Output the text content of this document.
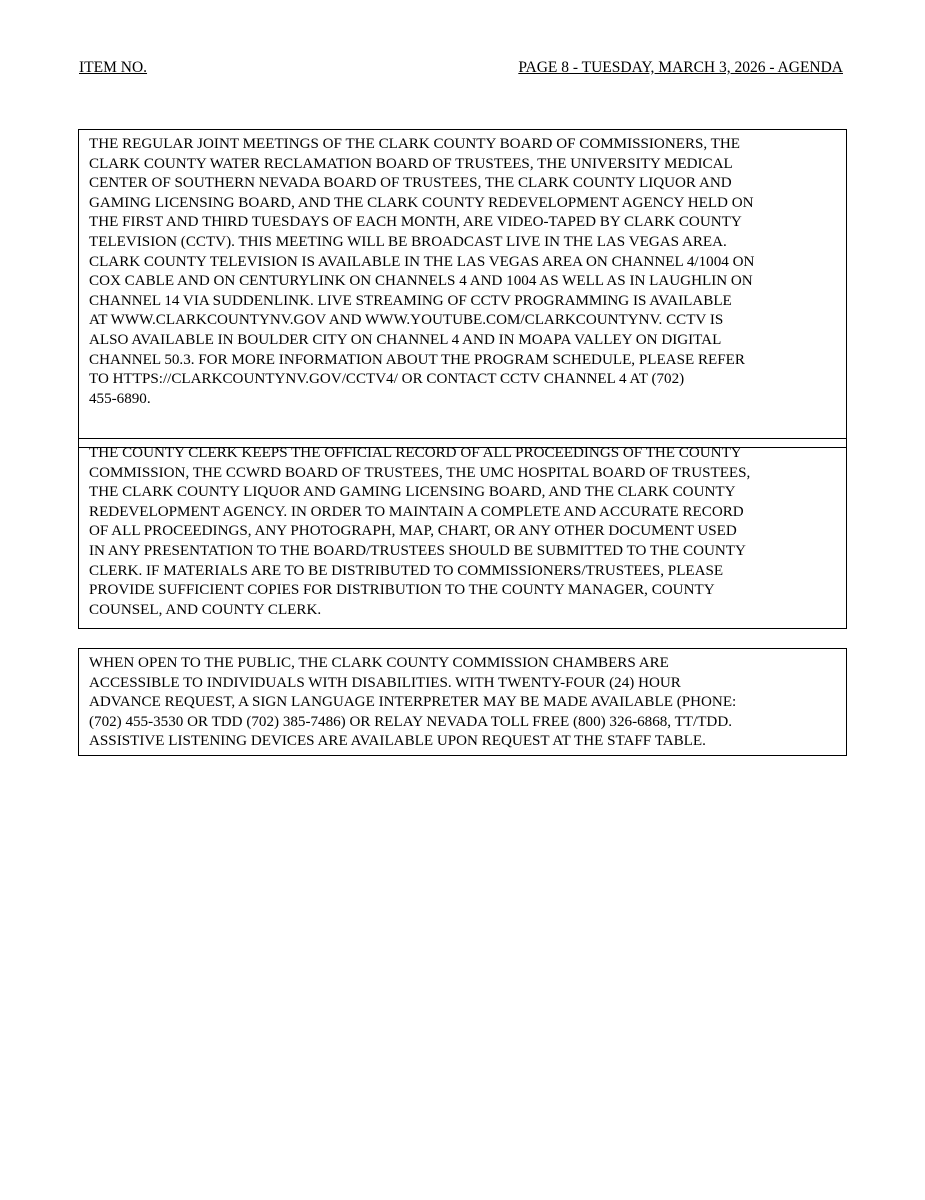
ITEM NO.	PAGE 8 - TUESDAY, MARCH 3, 2026 - AGENDA

THE REGULAR JOINT MEETINGS OF THE CLARK COUNTY BOARD OF COMMISSIONERS, THE
CLARK COUNTY WATER RECLAMATION BOARD OF TRUSTEES, THE UNIVERSITY MEDICAL
CENTER OF SOUTHERN NEVADA BOARD OF TRUSTEES, THE CLARK COUNTY LIQUOR AND
GAMING LICENSING BOARD, AND THE CLARK COUNTY REDEVELOPMENT AGENCY HELD ON
THE FIRST AND THIRD TUESDAYS OF EACH MONTH, ARE VIDEO-TAPED BY CLARK COUNTY
TELEVISION (CCTV). THIS MEETING WILL BE BROADCAST LIVE IN THE LAS VEGAS AREA.
CLARK COUNTY TELEVISION IS AVAILABLE IN THE LAS VEGAS AREA ON CHANNEL 4/1004 ON
COX CABLE AND ON CENTURYLINK ON CHANNELS 4 AND 1004 AS WELL AS IN LAUGHLIN ON
CHANNEL 14 VIA SUDDENLINK. LIVE STREAMING OF CCTV PROGRAMMING IS AVAILABLE
AT WWW.CLARKCOUNTYNV.GOV AND WWW.YOUTUBE.COM/CLARKCOUNTYNV. CCTV IS
ALSO AVAILABLE IN BOULDER CITY ON CHANNEL 4 AND IN MOAPA VALLEY ON DIGITAL
CHANNEL 50.3. FOR MORE INFORMATION ABOUT THE PROGRAM SCHEDULE, PLEASE REFER
TO HTTPS://CLARKCOUNTYNV.GOV/CCTV4/ OR CONTACT CCTV CHANNEL 4 AT (702)
455-6890.

THE COUNTY CLERK KEEPS THE OFFICIAL RECORD OF ALL PROCEEDINGS OF THE COUNTY
COMMISSION, THE CCWRD BOARD OF TRUSTEES, THE UMC HOSPITAL BOARD OF TRUSTEES,
THE CLARK COUNTY LIQUOR AND GAMING LICENSING BOARD, AND THE CLARK COUNTY
REDEVELOPMENT AGENCY. IN ORDER TO MAINTAIN A COMPLETE AND ACCURATE RECORD
OF ALL PROCEEDINGS, ANY PHOTOGRAPH, MAP, CHART, OR ANY OTHER DOCUMENT USED
IN ANY PRESENTATION TO THE BOARD/TRUSTEES SHOULD BE SUBMITTED TO THE COUNTY
CLERK. IF MATERIALS ARE TO BE DISTRIBUTED TO COMMISSIONERS/TRUSTEES, PLEASE
PROVIDE SUFFICIENT COPIES FOR DISTRIBUTION TO THE COUNTY MANAGER, COUNTY
COUNSEL, AND COUNTY CLERK.

WHEN OPEN TO THE PUBLIC, THE CLARK COUNTY COMMISSION CHAMBERS ARE
ACCESSIBLE TO INDIVIDUALS WITH DISABILITIES. WITH TWENTY-FOUR (24) HOUR
ADVANCE REQUEST, A SIGN LANGUAGE INTERPRETER MAY BE MADE AVAILABLE (PHONE:
(702) 455-3530 OR TDD (702) 385-7486) OR RELAY NEVADA TOLL FREE (800) 326-6868, TT/TDD.
ASSISTIVE LISTENING DEVICES ARE AVAILABLE UPON REQUEST AT THE STAFF TABLE.
